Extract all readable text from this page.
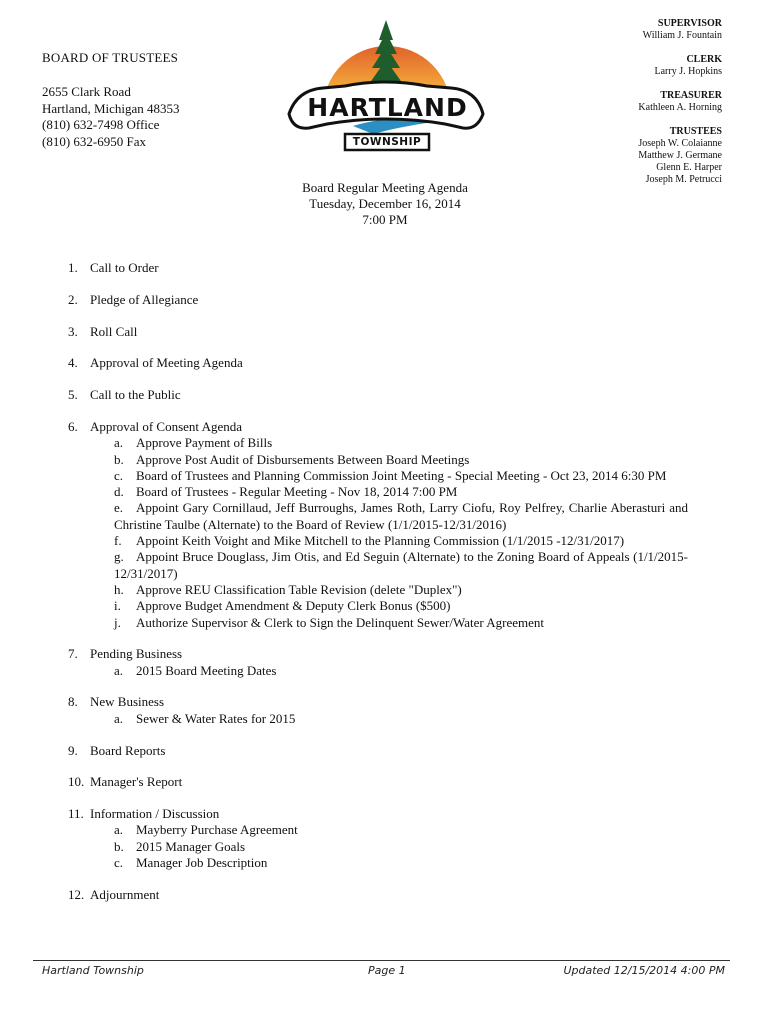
BOARD OF TRUSTEES
2655 Clark Road
Hartland, Michigan 48353
(810) 632-7498 Office
(810) 632-6950 Fax
HARTLAND
TOWNSHIP
SUPERVISOR
William J. Fountain
CLERK
Larry J. Hopkins
TREASURER
Kathleen A. Horning
TRUSTEES
Joseph W. Colaianne
Matthew J. Germane
Glenn E. Harper
Joseph M. Petrucci
Board Regular Meeting Agenda
Tuesday, December 16, 2014
7:00 PM
1. Call to Order
2. Pledge of Allegiance
3. Roll Call
4. Approval of Meeting Agenda
5. Call to the Public
6. Approval of Consent Agenda
a. Approve Payment of Bills
b. Approve Post Audit of Disbursements Between Board Meetings
c. Board of Trustees and Planning Commission Joint Meeting - Special Meeting - Oct 23, 2014 6:30 PM
d. Board of Trustees - Regular Meeting - Nov 18, 2014 7:00 PM
e. Appoint Gary Cornillaud, Jeff Burroughs, James Roth, Larry Ciofu, Roy Pelfrey, Charlie Aberasturi and Christine Taulbe (Alternate) to the Board of Review (1/1/2015-12/31/2016)
f. Appoint Keith Voight and Mike Mitchell to the Planning Commission (1/1/2015 -12/31/2017)
g. Appoint Bruce Douglass, Jim Otis, and Ed Seguin (Alternate) to the Zoning Board of Appeals (1/1/2015-12/31/2017)
h. Approve REU Classification Table Revision (delete "Duplex")
i. Approve Budget Amendment & Deputy Clerk Bonus ($500)
j. Authorize Supervisor & Clerk to Sign the Delinquent Sewer/Water Agreement
7. Pending Business
a. 2015 Board Meeting Dates
8. New Business
a. Sewer & Water Rates for 2015
9. Board Reports
10. Manager's Report
11. Information / Discussion
a. Mayberry Purchase Agreement
b. 2015 Manager Goals
c. Manager Job Description
12. Adjournment
Hartland Township	Page 1	Updated 12/15/2014 4:00 PM
